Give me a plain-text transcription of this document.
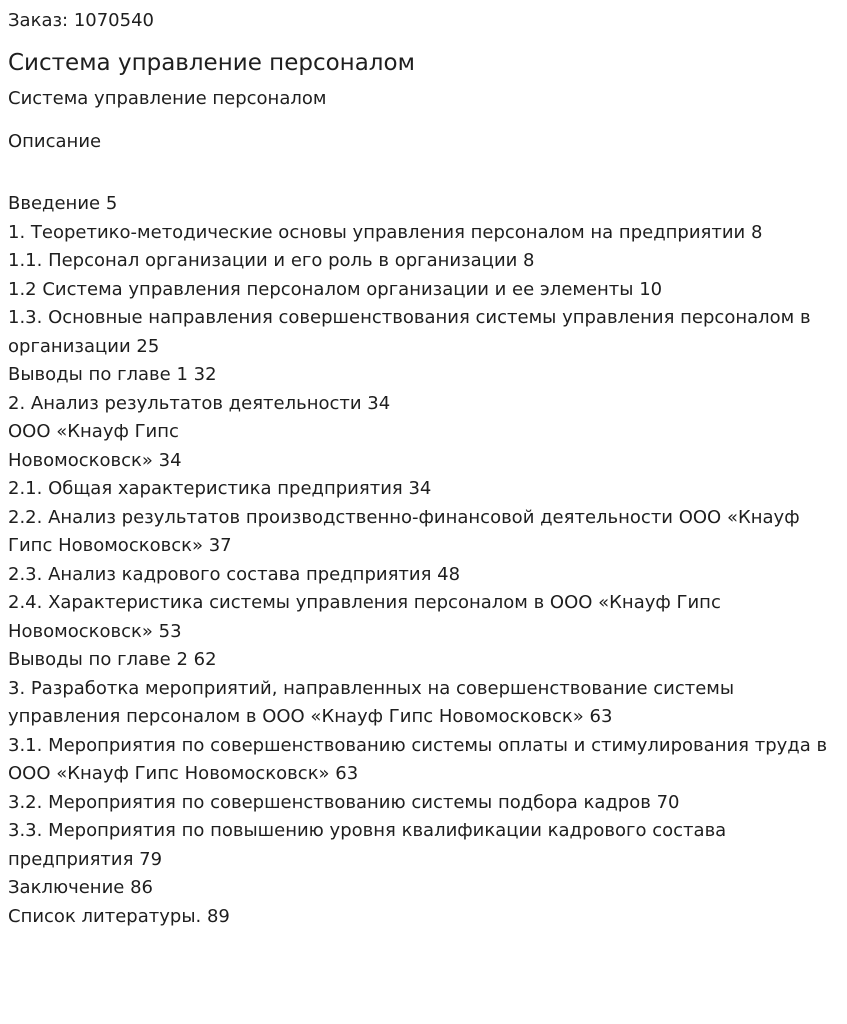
Заказ: 1070540
Система управление персоналом
Система управление персоналом
Описание
Введение 5
1. Теоретико-методические основы управления персоналом на предприятии 8
1.1. Персонал организации и его роль в организации 8
1.2 Система управления персоналом организации и ее элементы 10
1.3. Основные направления совершенствования системы управления персоналом в организации 25
Выводы по главе 1 32
2. Анализ результатов деятельности 34
ООО «Кнауф Гипс
Новомосковск» 34
2.1. Общая характеристика предприятия 34
2.2. Анализ результатов производственно-финансовой деятельности ООО «Кнауф Гипс Новомосковск» 37
2.3. Анализ кадрового состава предприятия 48
2.4. Характеристика системы управления персоналом в ООО «Кнауф Гипс Новомосковск» 53
Выводы по главе 2 62
3. Разработка мероприятий, направленных на совершенствование системы управления персоналом в ООО «Кнауф Гипс Новомосковск» 63
3.1. Мероприятия по совершенствованию системы оплаты и стимулирования труда в ООО «Кнауф Гипс Новомосковск» 63
3.2. Мероприятия по совершенствованию системы подбора кадров 70
3.3. Мероприятия по повышению уровня квалификации кадрового состава предприятия 79
Заключение 86
Список литературы. 89
